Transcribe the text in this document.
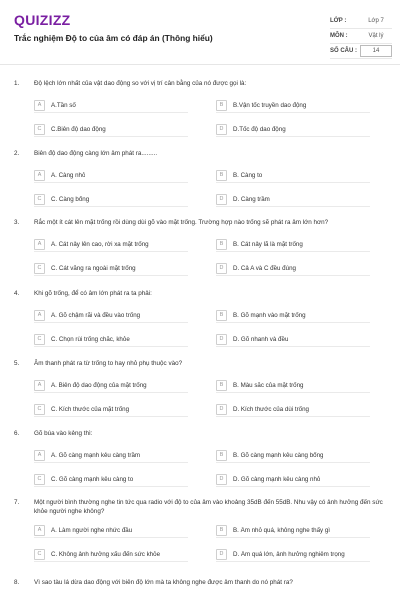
QUIZIZZ
Trắc nghiệm Độ to của âm có đáp án (Thông hiểu)
LỚP :	Lớp 7
MÔN :	Vật lý
SỐ CÂU :	14
1.	Độ lệch lớn nhất của vật dao động so với vị trí cân bằng của nó được gọi là:
A	A.Tần số	B	B.Vận tốc truyền dao động
C	C.Biên độ dao động	D	D.Tốc độ dao động
2.	Biên độ dao động càng lớn âm phát ra.........
A	A. Càng nhỏ	B	B. Càng to
C	C. Càng bổng	D	D. Càng trầm
3.	Rắc một ít cát lên mặt trống rồi dùng dùi gõ vào mặt trống. Trường hợp nào trống sẽ phát ra âm lớn hơn?
A	A. Cát nảy lên cao, rời xa mặt trống	B	B. Cát nảy lã là mặt trống
C	C. Cát văng ra ngoài mặt trống	D	D. Cả A và C đều đúng
4.	Khi gõ trống, để có âm lớn phát ra ta phải:
A	A. Gõ chậm rãi và đều vào trống	B	B. Gõ mạnh vào mặt trống
C	C. Chọn rùi trống chắc, khỏe	D	D. Gõ nhanh và đều
5.	Âm thanh phát ra từ trống to hay nhỏ phụ thuộc vào?
A	A. Biên độ dao động của mặt trống	B	B. Màu sắc của mặt trống
C	C. Kích thước của mặt trống	D	D. Kích thước của dùi trống
6.	Gõ búa vào kẻng thì:
A	A. Gõ càng mạnh kẻu càng trầm	B	B. Gõ càng mạnh kêu càng bổng
C	C. Gõ càng mạnh kêu càng to	D	D. Gõ càng mạnh kêu càng nhỏ
7.	Một người bình thường nghe tin tức qua radio với độ to của âm vào khoảng 35dB đến 55dB. Nhu vậy có ảnh hưởng đến sức khỏe người nghe không?
A	A. Làm người nghe nhức đầu	B	B. Âm nhỏ quá, không nghe thấy gì
C	C. Không ảnh hưởng xấu đến sức khỏe	D	D. Âm quá lớn, ảnh hưởng nghiêm trọng
8.	Vì sao tàu lá dừa dao động với biên độ lớn mà ta không nghe được âm thanh do nó phát ra?
